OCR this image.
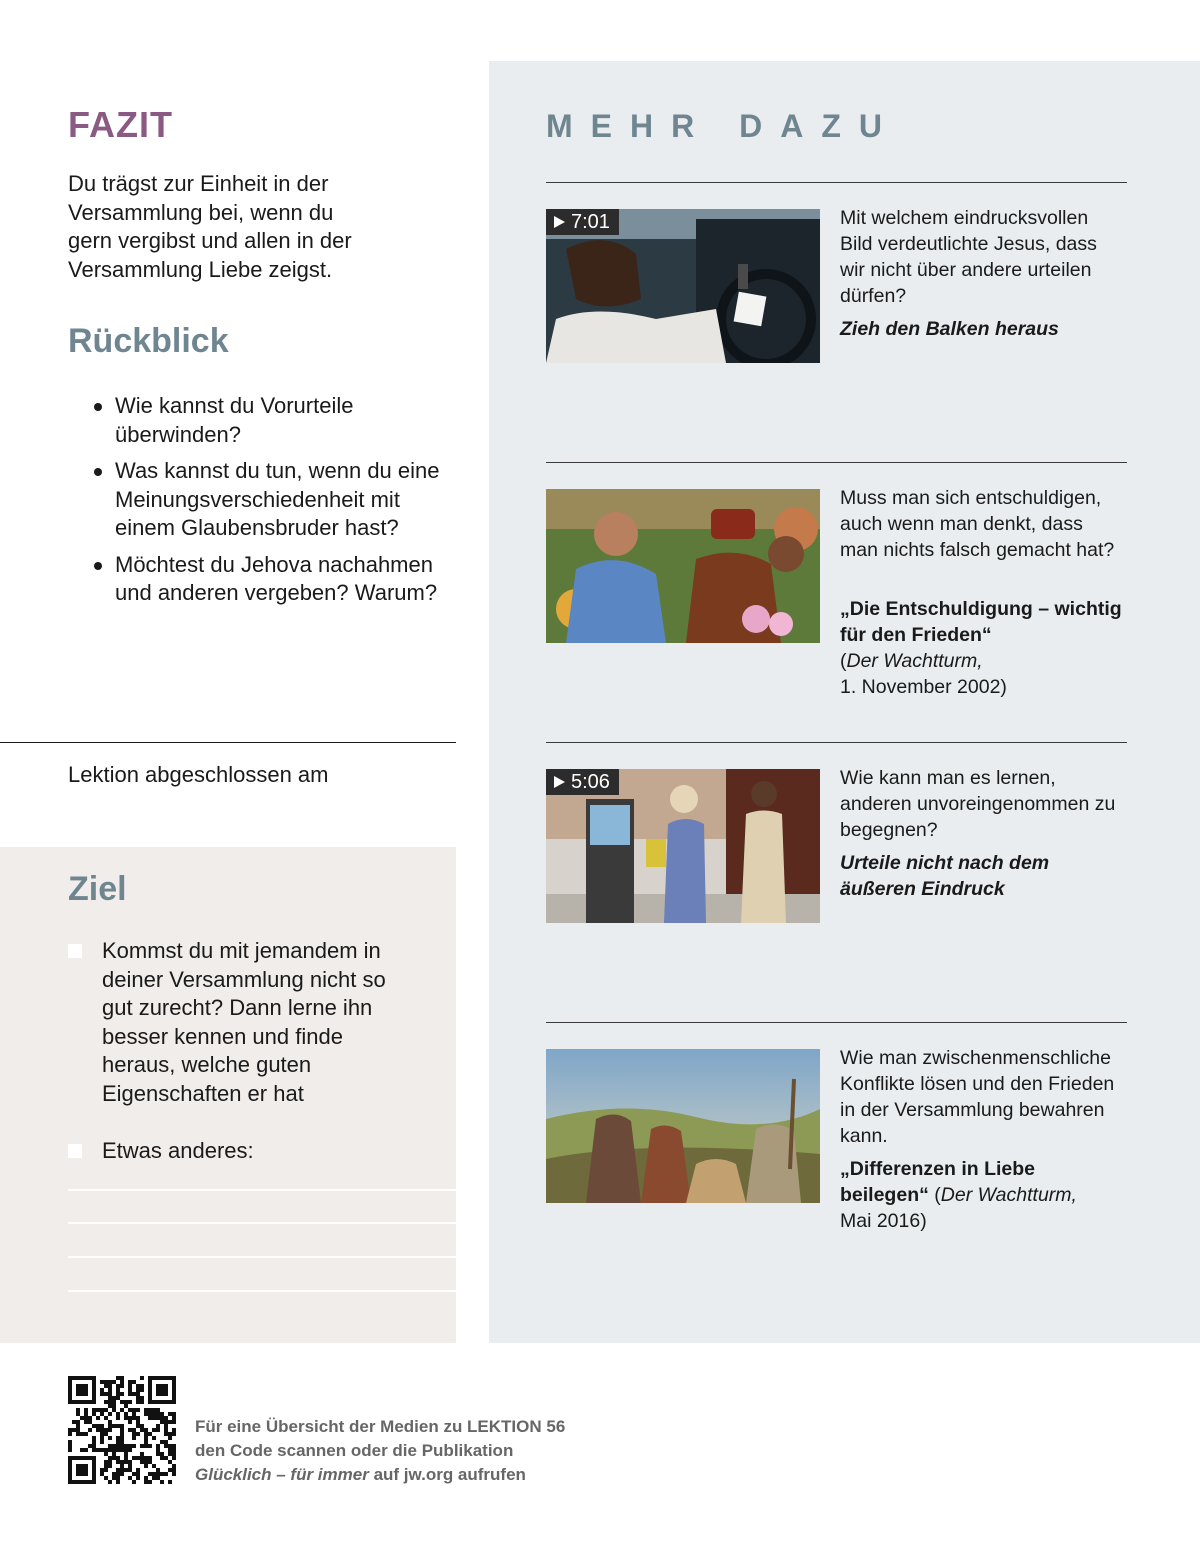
FAZIT
Du trägst zur Einheit in der Versammlung bei, wenn du gern vergibst und allen in der Versammlung Liebe zeigst.
Rückblick
Wie kannst du Vorurteile überwinden?
Was kannst du tun, wenn du eine Meinungsverschiedenheit mit einem Glaubensbruder hast?
Möchtest du Jehova nachahmen und anderen vergeben? Warum?
Lektion abgeschlossen am
Ziel
Kommst du mit jemandem in deiner Versammlung nicht so gut zurecht? Dann lerne ihn besser kennen und finde heraus, welche guten Eigenschaften er hat
Etwas anderes:
MEHR DAZU
7:01	Mit welchem eindrucksvollen Bild verdeutlichte Jesus, dass wir nicht über andere urteilen dürfen?
Zieh den Balken heraus
Muss man sich entschuldigen, auch wenn man denkt, dass man nichts falsch gemacht hat?
„Die Entschuldigung – wichtig für den Frieden“
(Der Wachtturm,
1. November 2002)
5:06	Wie kann man es lernen, anderen unvoreingenommen zu begegnen?
Urteile nicht nach dem äußeren Eindruck
Wie man zwischenmenschliche Konflikte lösen und den Frieden in der Versammlung bewahren kann.
„Differenzen in Liebe beilegen“ (Der Wachtturm,
Mai 2016)
Für eine Übersicht der Medien zu LEKTION 56
den Code scannen oder die Publikation
Glücklich – für immer auf jw.org aufrufen
